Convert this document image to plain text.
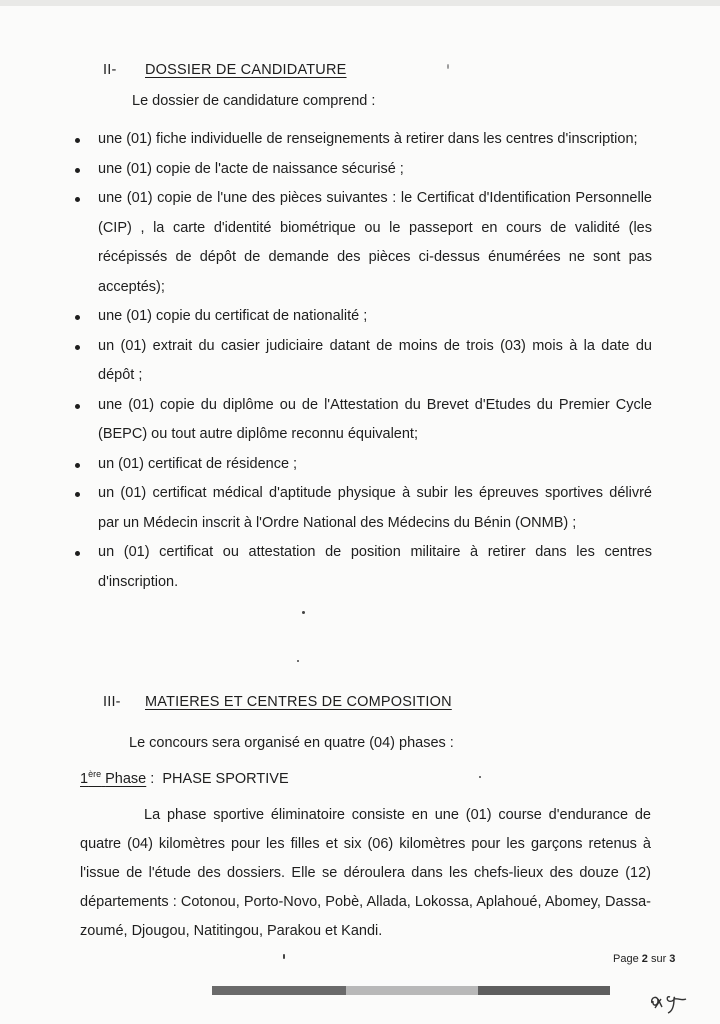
II- DOSSIER DE CANDIDATURE
Le dossier de candidature comprend :
une (01) fiche individuelle de renseignements à retirer dans les centres d'inscription;
une (01) copie de l'acte de naissance sécurisé ;
une (01) copie de l'une des pièces suivantes : le Certificat d'Identification Personnelle (CIP) , la carte d'identité biométrique ou le passeport en cours de validité (les récépissés de dépôt de demande des pièces ci-dessus énumérées ne sont pas acceptés);
une (01) copie du certificat de nationalité ;
un (01) extrait du casier judiciaire datant de moins de trois (03) mois à la date du dépôt ;
une (01) copie du diplôme ou de l'Attestation du Brevet d'Etudes du Premier Cycle (BEPC) ou tout autre diplôme reconnu équivalent;
un (01) certificat de résidence ;
un (01) certificat médical d'aptitude physique à subir les épreuves sportives délivré par un Médecin inscrit à l'Ordre National des Médecins du Bénin (ONMB) ;
un (01) certificat ou attestation de position militaire à retirer dans les centres d'inscription.
III- MATIERES ET CENTRES DE COMPOSITION
Le concours sera organisé en quatre (04) phases :
1ère Phase : PHASE SPORTIVE
La phase sportive éliminatoire consiste en une (01) course d'endurance de quatre (04) kilomètres pour les filles et six (06) kilomètres pour les garçons retenus à l'issue de l'étude des dossiers. Elle se déroulera dans les chefs-lieux des douze (12) départements : Cotonou, Porto-Novo, Pobè, Allada, Lokossa, Aplahoué, Abomey, Dassa-zoumé, Djougou, Natitingou, Parakou et Kandi.
Page 2 sur 3
